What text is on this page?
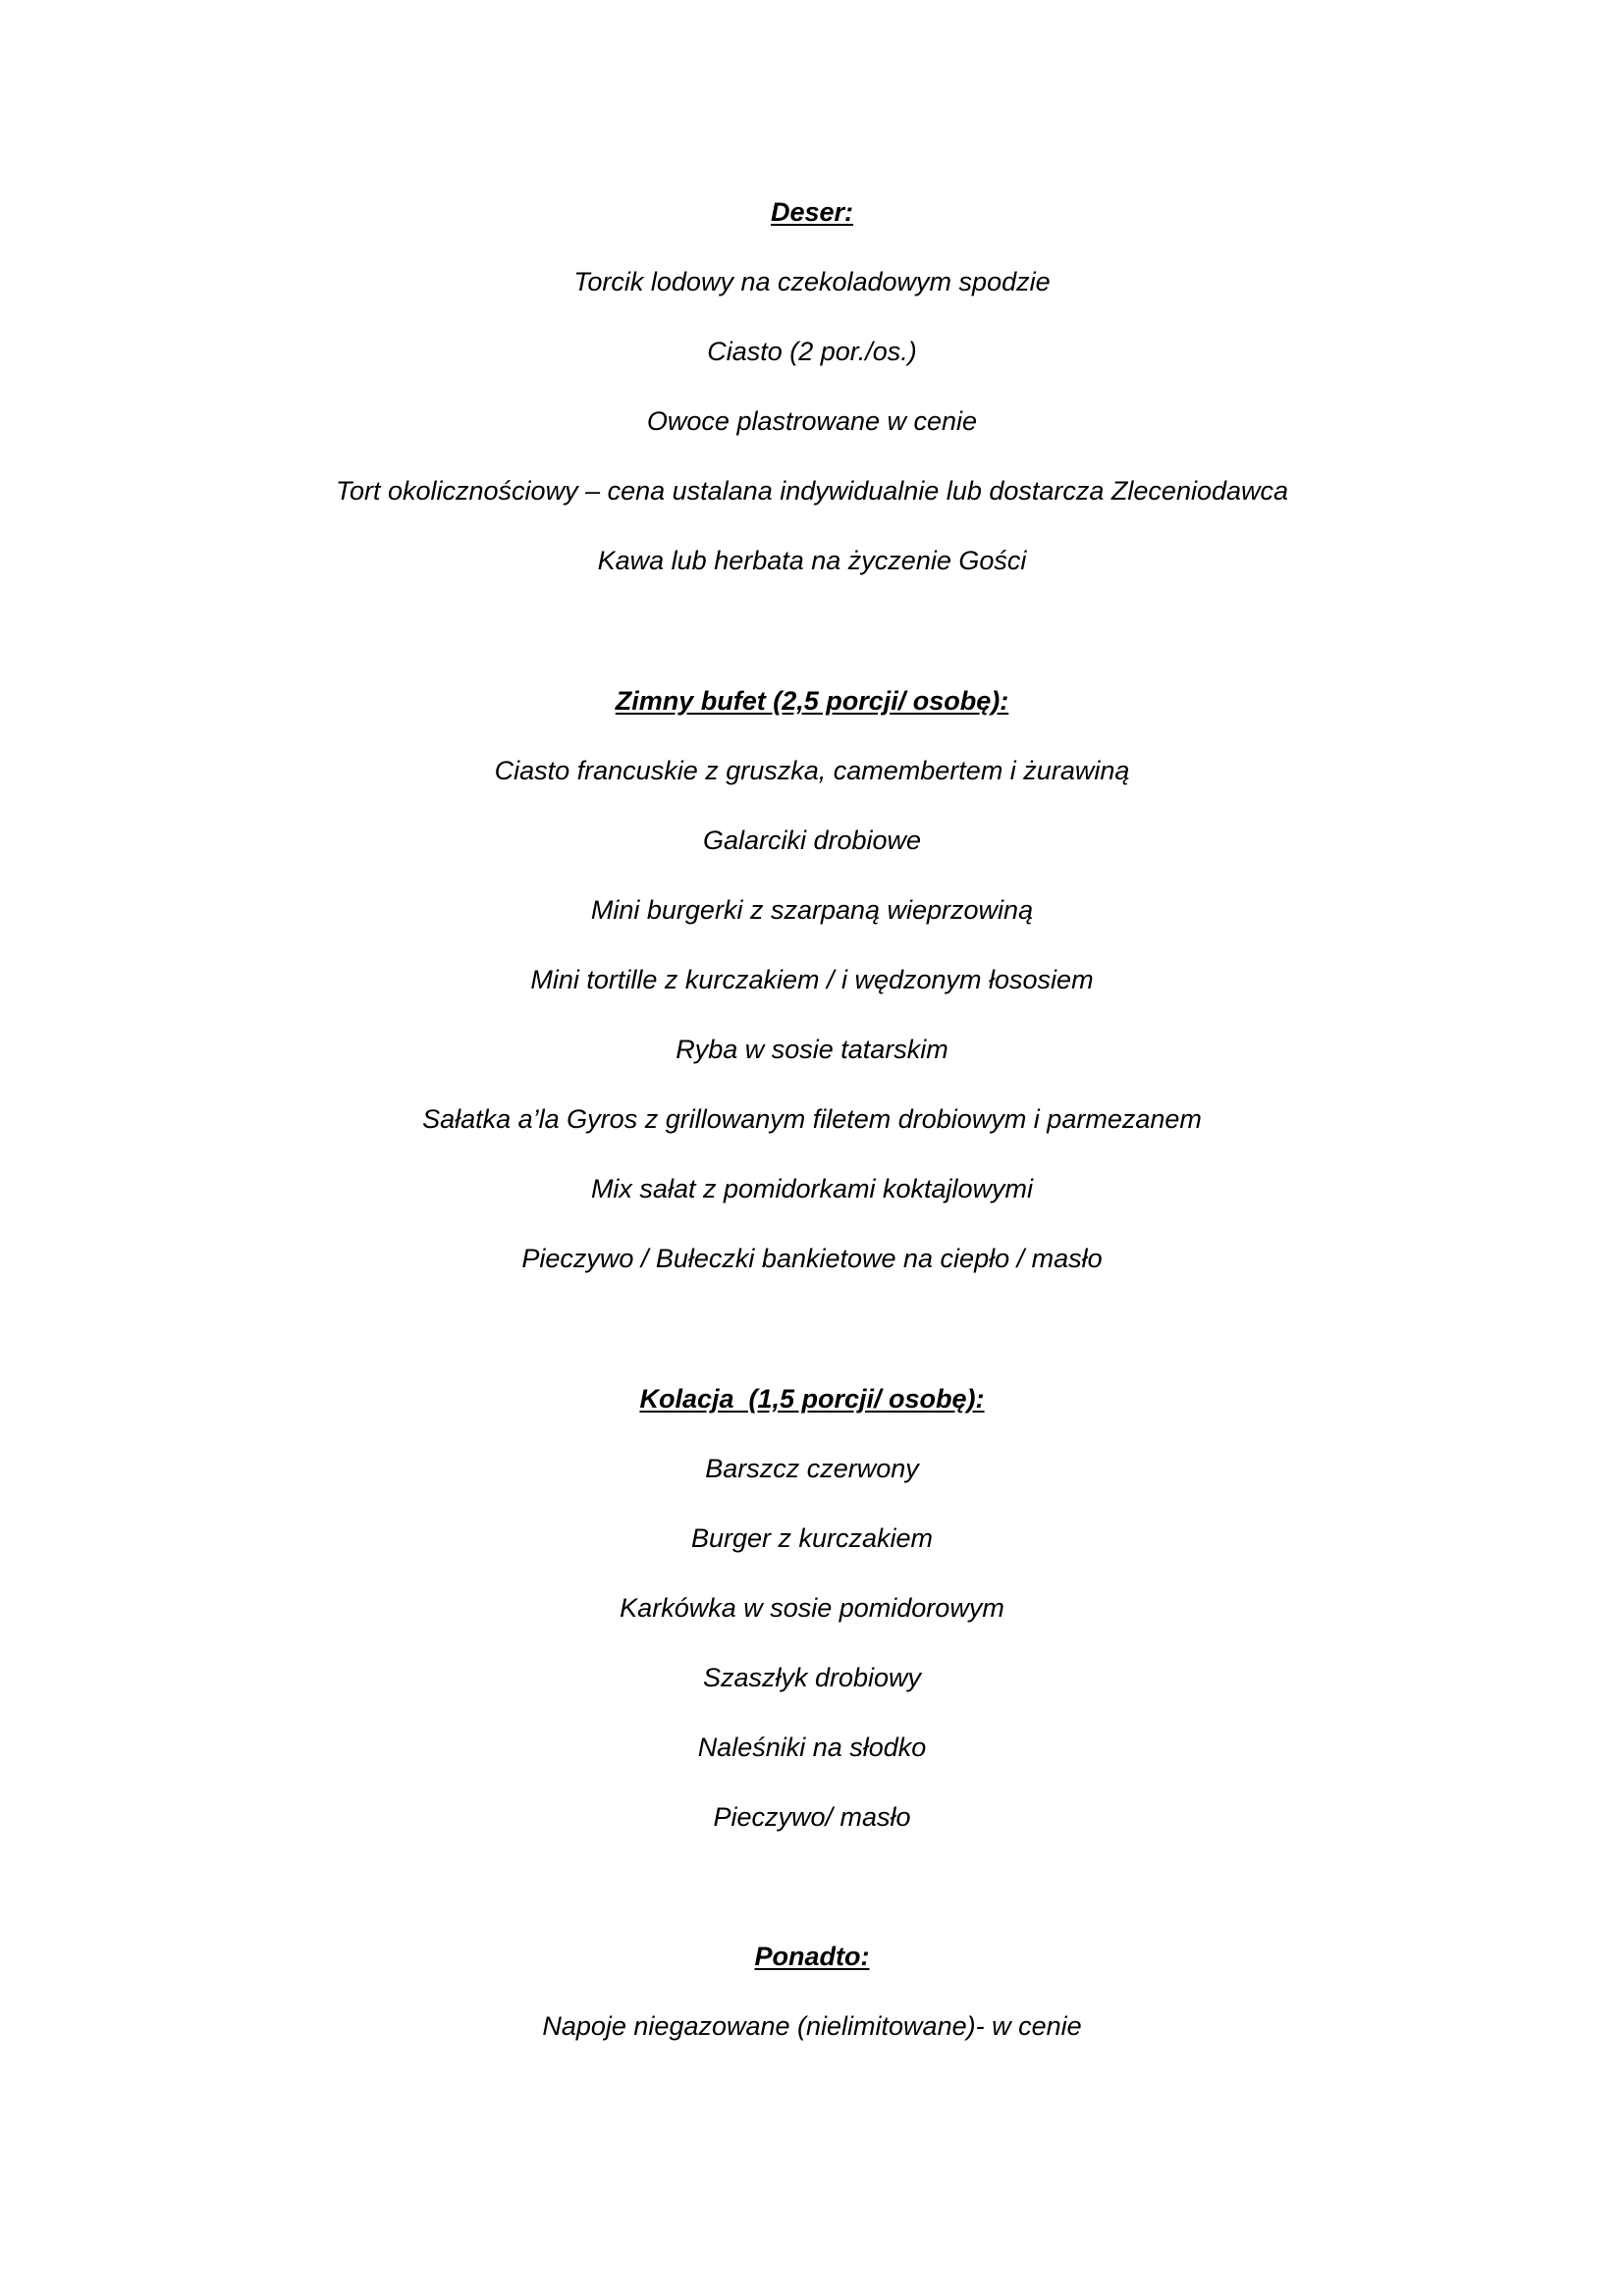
Deser:
Torcik lodowy na czekoladowym spodzie
Ciasto (2 por./os.)
Owoce plastrowane w cenie
Tort okolicznościowy – cena ustalana indywidualnie lub dostarcza Zleceniodawca
Kawa lub herbata na życzenie Gości
Zimny bufet (2,5 porcji/ osobę):
Ciasto francuskie z gruszka, camembertem i żurawiną
Galarciki drobiowe
Mini burgerki z szarpaną wieprzowiną
Mini tortille z kurczakiem / i wędzonym łososiem
Ryba w sosie tatarskim
Sałatka a’la Gyros z grillowanym filetem drobiowym i parmezanem
Mix sałat z pomidorkami koktajlowymi
Pieczywo / Bułeczki bankietowe na ciepło / masło
Kolacja  (1,5 porcji/ osobę):
Barszcz czerwony
Burger z kurczakiem
Karkówka w sosie pomidorowym
Szaszłyk drobiowy
Naleśniki na słodko
Pieczywo/ masło
Ponadto:
Napoje niegazowane (nielimitowane)- w cenie
